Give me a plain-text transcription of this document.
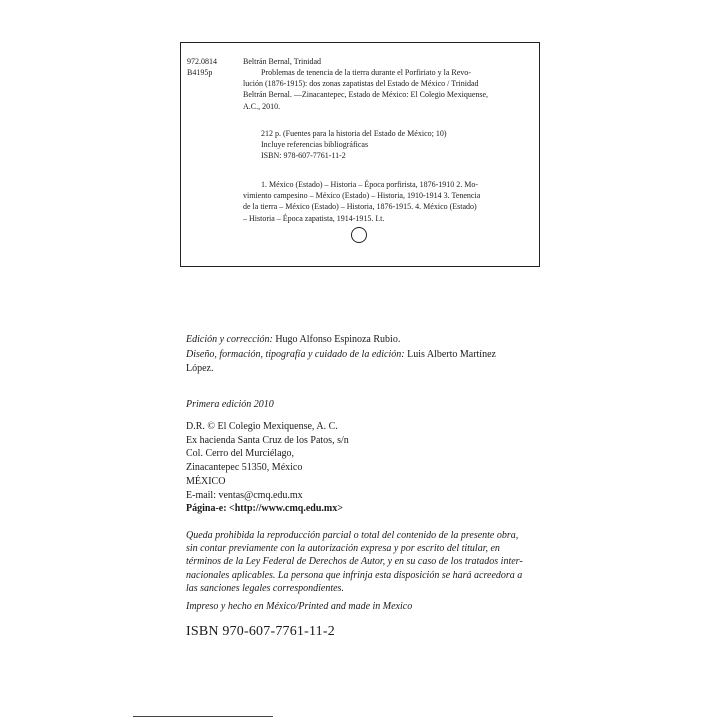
972.0814
B4195p
Beltrán Bernal, Trinidad
Problemas de tenencia de la tierra durante el Porfiriato y la Revo-
lución (1876-1915): dos zonas zapatistas del Estado de México / Trinidad
Beltrán Bernal. —Zinacantepec, Estado de México: El Colegio Mexiquense,
A.C., 2010.
212 p. (Fuentes para la historia del Estado de México; 10)
Incluye referencias bibliográficas
ISBN: 978-607-7761-11-2
1. México (Estado) – Historia – Época porfirista, 1876-1910 2. Mo-
vimiento campesino – México (Estado) – Historia, 1910-1914 3. Tenencia
de la tierra – México (Estado) – Historia, 1876-1915. 4. México (Estado)
– Historia – Época zapatista, 1914-1915. I.t.
Edición y corrección: Hugo Alfonso Espinoza Rubio.
Diseño, formación, tipografía y cuidado de la edición: Luis Alberto Martínez
López.
Primera edición 2010
D.R. © El Colegio Mexiquense, A. C.
Ex hacienda Santa Cruz de los Patos, s/n
Col. Cerro del Murciélago,
Zinacantepec 51350, México
MÉXICO
E-mail: ventas@cmq.edu.mx
Página-e: <http://www.cmq.edu.mx>
Queda prohibida la reproducción parcial o total del contenido de la presente obra,
sin contar previamente con la autorización expresa y por escrito del titular, en
términos de la Ley Federal de Derechos de Autor, y en su caso de los tratados inter-
nacionales aplicables. La persona que infrinja esta disposición se hará acreedora a
las sanciones legales correspondientes.
Impreso y hecho en México/Printed and made in Mexico
ISBN 970-607-7761-11-2
